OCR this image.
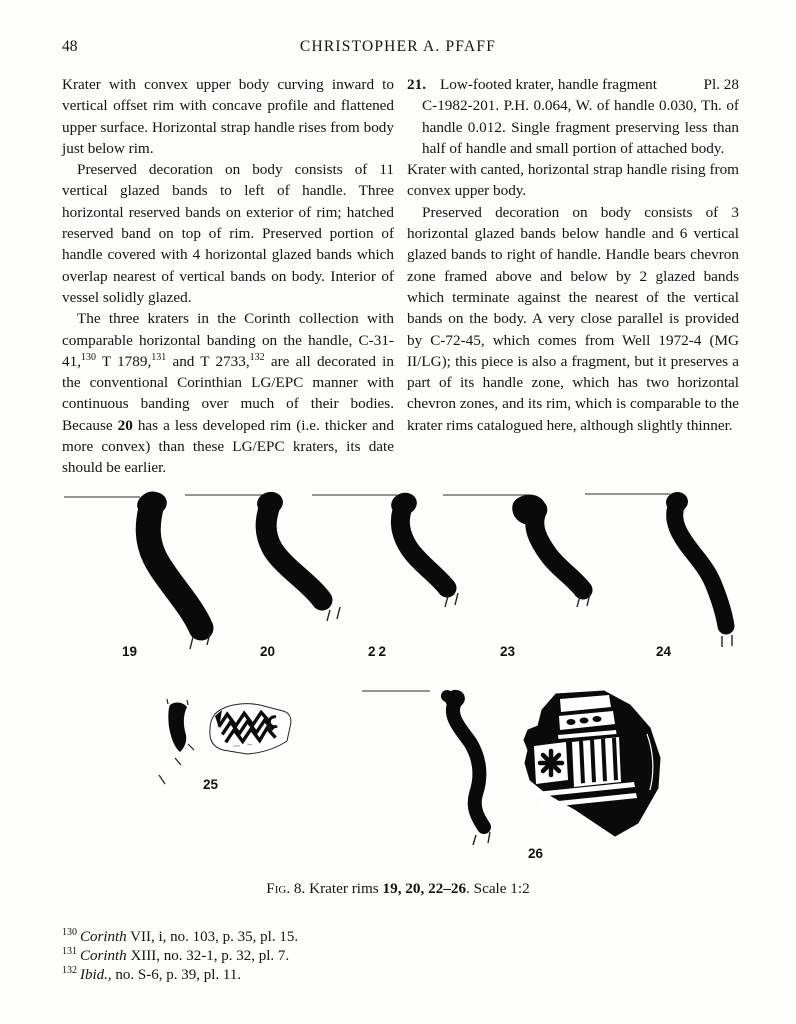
48	CHRISTOPHER A. PFAFF

Krater with convex upper body curving inward to vertical offset rim with concave profile and flattened upper surface. Horizontal strap handle rises from body just below rim.

Preserved decoration on body consists of 11 vertical glazed bands to left of handle. Three horizontal reserved bands on exterior of rim; hatched reserved band on top of rim. Preserved portion of handle covered with 4 horizontal glazed bands which overlap nearest of vertical bands on body. Interior of vessel solidly glazed.

The three kraters in the Corinth collection with comparable horizontal banding on the handle, C-31-41,$^{130}$ T 1789,$^{131}$ and T 2733,$^{132}$ are all decorated in the conventional Corinthian LG/EPC manner with continuous banding over much of their bodies. Because 20 has a less developed rim (i.e. thicker and more convex) than these LG/EPC kraters, its date should be earlier.

21. Low-footed krater, handle fragment	Pl. 28

C-1982-201. P.H. 0.064, W. of handle 0.030, Th. of handle 0.012. Single fragment preserving less than half of handle and small portion of attached body.

Krater with canted, horizontal strap handle rising from convex upper body.

Preserved decoration on body consists of 3 horizontal glazed bands below handle and 6 vertical glazed bands to right of handle. Handle bears chevron zone framed above and below by 2 glazed bands which terminate against the nearest of the vertical bands on the body. A very close parallel is provided by C-72-45, which comes from Well 1972-4 (MG II/LG); this piece is also a fragment, but it preserves a part of its handle zone, which has two horizontal chevron zones, and its rim, which is comparable to the krater rims catalogued here, although slightly thinner.

19	20	22	23	24
25
26
Fig. 8. Krater rims 19, 20, 22–26. Scale 1:2
$^{130}$ Corinth VII, i, no. 103, p. 35, pl. 15.
$^{131}$ Corinth XIII, no. 32-1, p. 32, pl. 7.
$^{132}$ Ibid., no. S-6, p. 39, pl. 11.
